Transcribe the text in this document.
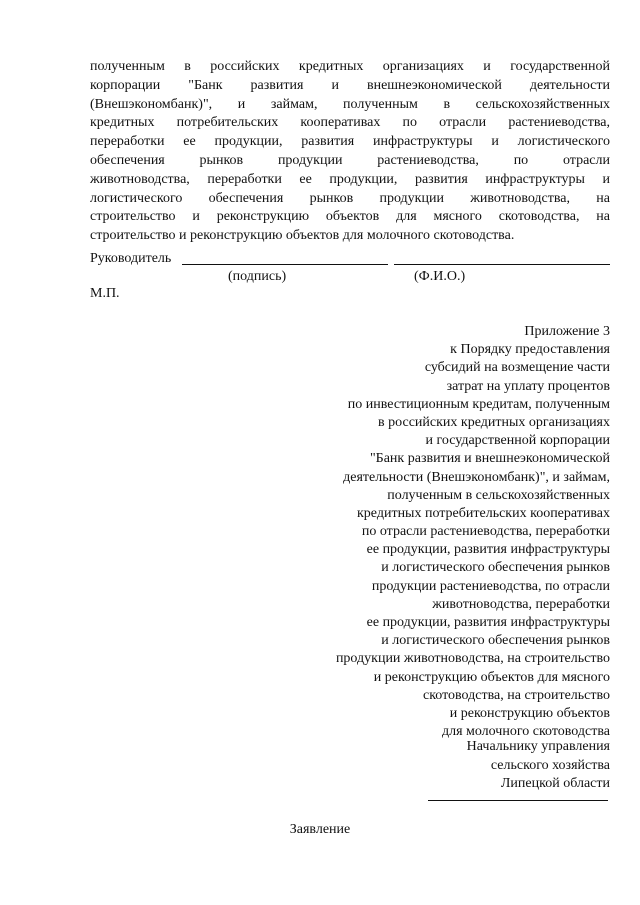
полученным в российских кредитных организациях и государственной
корпорации "Банк развития и внешнеэкономической деятельности
(Внешэкономбанк)", и займам, полученным в сельскохозяйственных
кредитных потребительских кооперативах по отрасли растениеводства,
переработки ее продукции, развития инфраструктуры и логистического
обеспечения рынков продукции растениеводства, по отрасли
животноводства, переработки ее продукции, развития инфраструктуры и
логистического обеспечения рынков продукции животноводства, на
строительство и реконструкцию объектов для мясного скотоводства, на
строительство и реконструкцию объектов для молочного скотоводства.
Руководитель
(подпись)	(Ф.И.О.)
М.П.
Приложение 3
к Порядку предоставления
субсидий на возмещение части
затрат на уплату процентов
по инвестиционным кредитам, полученным
в российских кредитных организациях
и государственной корпорации
"Банк развития и внешнеэкономической
деятельности (Внешэкономбанк)", и займам,
полученным в сельскохозяйственных
кредитных потребительских кооперативах
по отрасли растениеводства, переработки
ее продукции, развития инфраструктуры
и логистического обеспечения рынков
продукции растениеводства, по отрасли
животноводства, переработки
ее продукции, развития инфраструктуры
и логистического обеспечения рынков
продукции животноводства, на строительство
и реконструкцию объектов для мясного
скотоводства, на строительство
и реконструкцию объектов
для молочного скотоводства
Начальнику управления
сельского хозяйства
Липецкой области
Заявление
